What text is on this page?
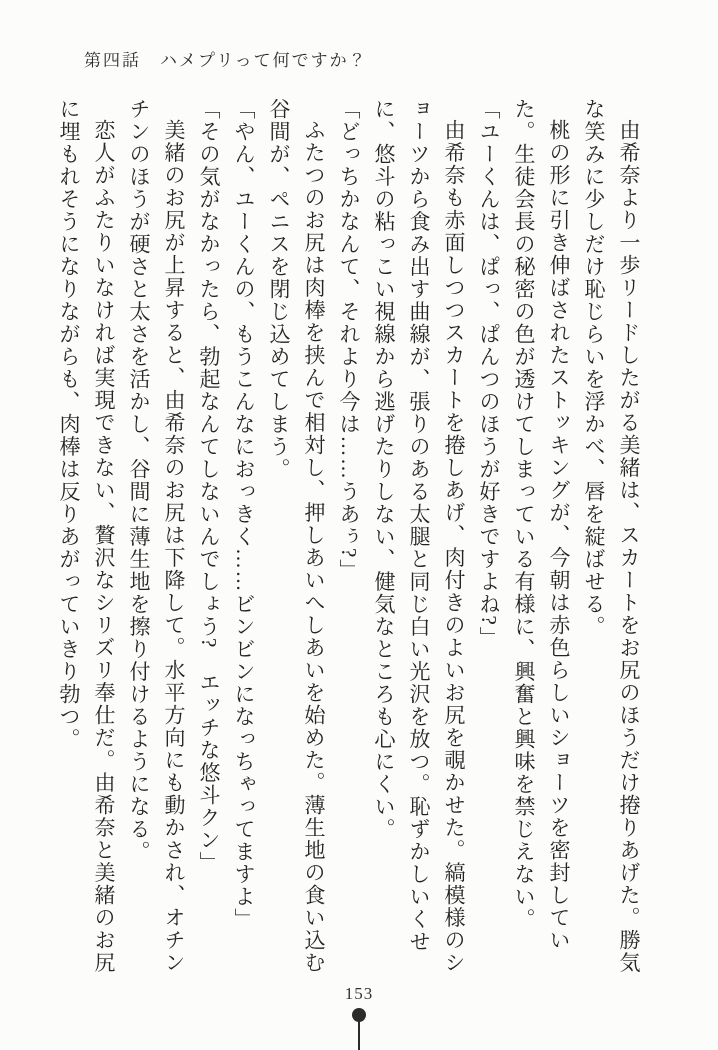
第四話　ハメプリって何ですか？

由希奈より一歩リードしたがる美緒は、スカートをお尻のほうだけ捲りあげた。勝気な笑みに少しだけ恥じらいを浮かべ、唇を綻ばせる。

桃の形に引き伸ばされたストッキングが、今朝は赤色らしいショーツを密封していた。生徒会長の秘密の色が透けてしまっている有様に、興奮と興味を禁じえない。

「ユーくんは、ぱっ、ぱんつのほうが好きですよね?」

由希奈も赤面しつつスカートを捲しあげ、肉付きのよいお尻を覗かせた。縞模様のショーツから食み出す曲線が、張りのある太腿と同じ白い光沢を放つ。恥ずかしいくせに、悠斗の粘っこい視線から逃げたりしない、健気なところも心にくい。

「どっちかなんて、それより今は……うあぅ?」

ふたつのお尻は肉棒を挟んで相対し、押しあいへしあいを始めた。薄生地の食い込む谷間が、ペニスを閉じ込めてしまう。

「やん、ユーくんの、もうこんなにおっきく……ビンビンになっちゃってますよ」

「その気がなかったら、勃起なんてしないんでしょう?　エッチな悠斗クン」

美緒のお尻が上昇すると、由希奈のお尻は下降して。水平方向にも動かされ、オチンチンのほうが硬さと太さを活かし、谷間に薄生地を擦り付けるようになる。

恋人がふたりいなければ実現できない、贅沢なシリズリ奉仕だ。由希奈と美緒のお尻に埋もれそうになりながらも、肉棒は反りあがっていきり勃つ。

153
